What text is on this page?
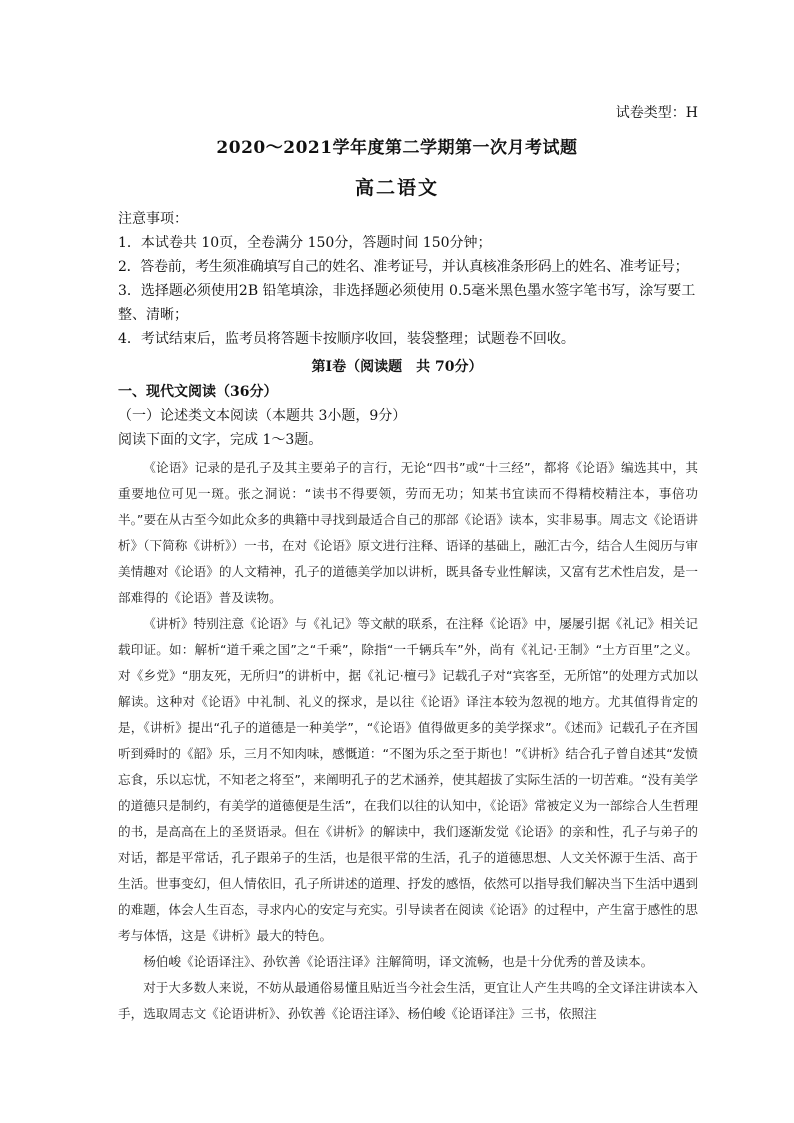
试卷类型：H
2020～2021学年度第二学期第一次月考试题
高二语文
注意事项：
1．本试卷共 10页，全卷满分 150分，答题时间 150分钟；
2．答卷前，考生须准确填写自己的姓名、准考证号，并认真核准条形码上的姓名、准考证号；
3．选择题必须使用2B 铅笔填涂，非选择题必须使用 0.5毫米黑色墨水签字笔书写，涂写要工整、清晰；
4．考试结束后，监考员将答题卡按顺序收回，装袋整理；试题卷不回收。
第Ⅰ卷（阅读题　共 70分）
一、现代文阅读（36分）
（一）论述类文本阅读（本题共 3小题，9分）
阅读下面的文字，完成 1～3题。

《论语》记录的是孔子及其主要弟子的言行，无论“四书”或“十三经”，都将《论语》编选其中，其重要地位可见一斑。张之洞说：“读书不得要领，劳而无功；知某书宜读而不得精校精注本，事倍功半。”要在从古至今如此众多的典籍中寻找到最适合自己的那部《论语》读本，实非易事。周志文《论语讲析》（下简称《讲析》）一书，在对《论语》原文进行注释、语译的基础上，融汇古今，结合人生阅历与审美情趣对《论语》的人文精神，孔子的道德美学加以讲析，既具备专业性解读，又富有艺术性启发，是一部难得的《论语》普及读物。

《讲析》特别注意《论语》与《礼记》等文献的联系，在注释《论语》中，屡屡引据《礼记》相关记载印证。如：解析“道千乘之国”之“千乘”，除指“一千辆兵车”外，尚有《礼记·王制》“土方百里”之义。对《乡党》“朋友死，无所归”的讲析中，据《礼记·檀弓》记载孔子对“宾客至，无所馆”的处理方式加以解读。这种对《论语》中礼制、礼义的探求，是以往《论语》译注本较为忽视的地方。尤其值得肯定的是，《讲析》提出“孔子的道德是一种美学”，“《论语》值得做更多的美学探求”。《述而》记载孔子在齐国听到舜时的《韶》乐，三月不知肉味，感慨道：“不图为乐之至于斯也！”《讲析》结合孔子曾自述其“发愤忘食，乐以忘忧，不知老之将至”，来阐明孔子的艺术涵养，使其超拔了实际生活的一切苦难。“没有美学的道德只是制约，有美学的道德便是生活”，在我们以往的认知中，《论语》常被定义为一部综合人生哲理的书，是高高在上的圣贤语录。但在《讲析》的解读中，我们逐渐发觉《论语》的亲和性，孔子与弟子的对话，都是平常话，孔子跟弟子的生活，也是很平常的生活，孔子的道德思想、人文关怀源于生活、高于生活。世事变幻，但人情依旧，孔子所讲述的道理、抒发的感悟，依然可以指导我们解决当下生活中遇到的难题，体会人生百态，寻求内心的安定与充实。引导读者在阅读《论语》的过程中，产生富于感性的思考与体悟，这是《讲析》最大的特色。

杨伯峻《论语译注》、孙钦善《论语注译》注解简明，译文流畅，也是十分优秀的普及读本。

对于大多数人来说，不妨从最通俗易懂且贴近当今社会生活，更宜让人产生共鸣的全文译注讲读本入手，选取周志文《论语讲析》、孙钦善《论语注译》、杨伯峻《论语译注》三书，依照注
